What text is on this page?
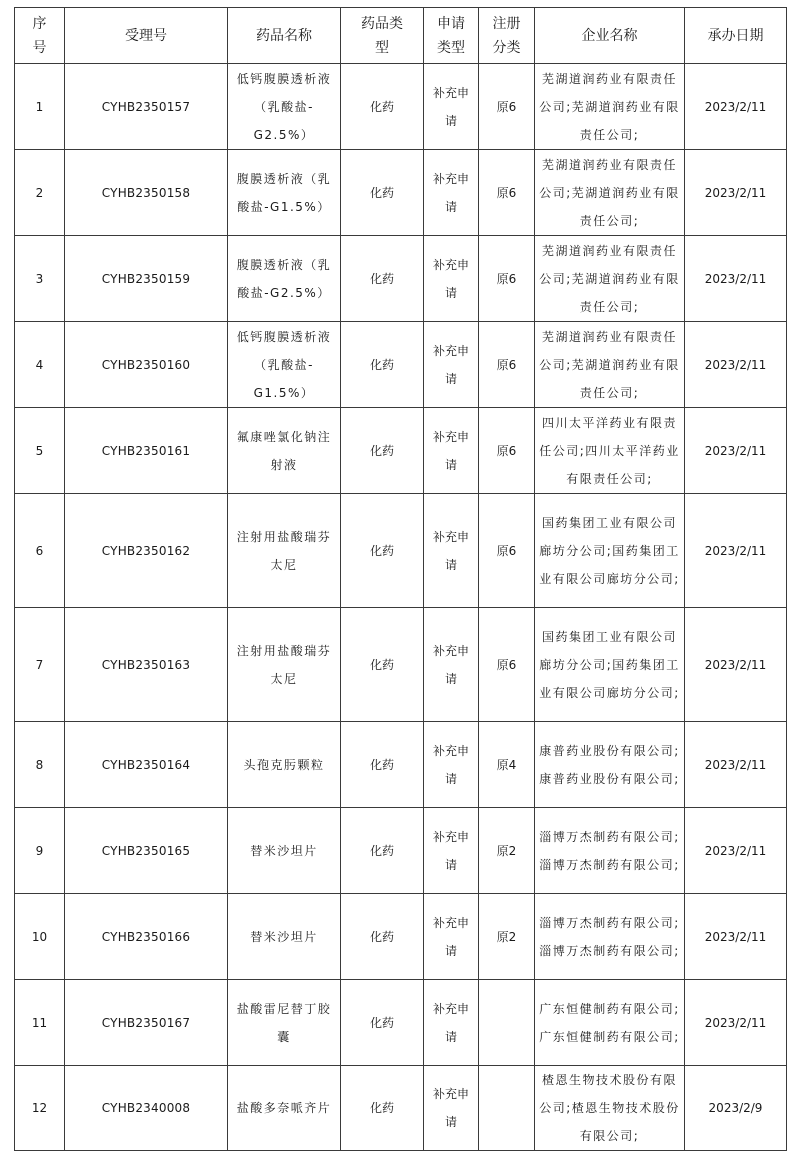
序号	受理号	药品名称	药品类型	申请类型	注册分类	企业名称	承办日期
1	CYHB2350157	低钙腹膜透析液（乳酸盐-G2.5%）	化药	补充申请	原6	芜湖道润药业有限责任公司;芜湖道润药业有限责任公司;	2023/2/11
2	CYHB2350158	腹膜透析液（乳酸盐-G1.5%）	化药	补充申请	原6	芜湖道润药业有限责任公司;芜湖道润药业有限责任公司;	2023/2/11
3	CYHB2350159	腹膜透析液（乳酸盐-G2.5%）	化药	补充申请	原6	芜湖道润药业有限责任公司;芜湖道润药业有限责任公司;	2023/2/11
4	CYHB2350160	低钙腹膜透析液（乳酸盐-G1.5%）	化药	补充申请	原6	芜湖道润药业有限责任公司;芜湖道润药业有限责任公司;	2023/2/11
5	CYHB2350161	氟康唑氯化钠注射液	化药	补充申请	原6	四川太平洋药业有限责任公司;四川太平洋药业有限责任公司;	2023/2/11
6	CYHB2350162	注射用盐酸瑞芬太尼	化药	补充申请	原6	国药集团工业有限公司廊坊分公司;国药集团工业有限公司廊坊分公司;	2023/2/11
7	CYHB2350163	注射用盐酸瑞芬太尼	化药	补充申请	原6	国药集团工业有限公司廊坊分公司;国药集团工业有限公司廊坊分公司;	2023/2/11
8	CYHB2350164	头孢克肟颗粒	化药	补充申请	原4	康普药业股份有限公司;康普药业股份有限公司;	2023/2/11
9	CYHB2350165	替米沙坦片	化药	补充申请	原2	淄博万杰制药有限公司;淄博万杰制药有限公司;	2023/2/11
10	CYHB2350166	替米沙坦片	化药	补充申请	原2	淄博万杰制药有限公司;淄博万杰制药有限公司;	2023/2/11
11	CYHB2350167	盐酸雷尼替丁胶囊	化药	补充申请		广东恒健制药有限公司;广东恒健制药有限公司;	2023/2/11
12	CYHB2340008	盐酸多奈哌齐片	化药	补充申请		楂恩生物技术股份有限公司;楂恩生物技术股份有限公司;	2023/2/9
